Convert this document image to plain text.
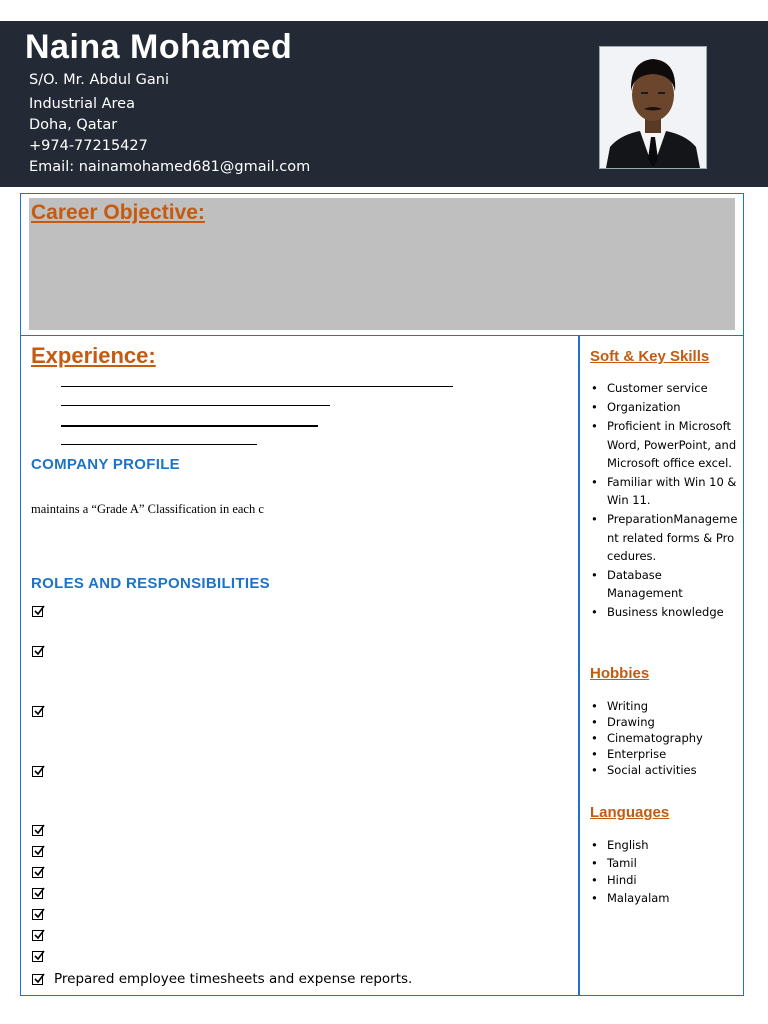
Naina Mohamed
S/O. Mr. Abdul Gani
Industrial Area
Doha, Qatar
+974-77215427
Email: nainamohamed681@gmail.com
Career Objective:
Experience:
COMPANY PROFILE
maintains a “Grade A” Classification in each c
ROLES AND RESPONSIBILITIES
Prepared employee timesheets and expense reports.
Soft & Key Skills
• Customer service
• Organization
• Proficient in Microsoft Word, PowerPoint, and Microsoft office excel.
• Familiar with Win 10 & Win 11.
• PreparationManagement related forms & Procedures.
• Database Management
• Business knowledge
Hobbies
• Writing
• Drawing
• Cinematography
• Enterprise
• Social activities
Languages
• English
• Tamil
• Hindi
• Malayalam
